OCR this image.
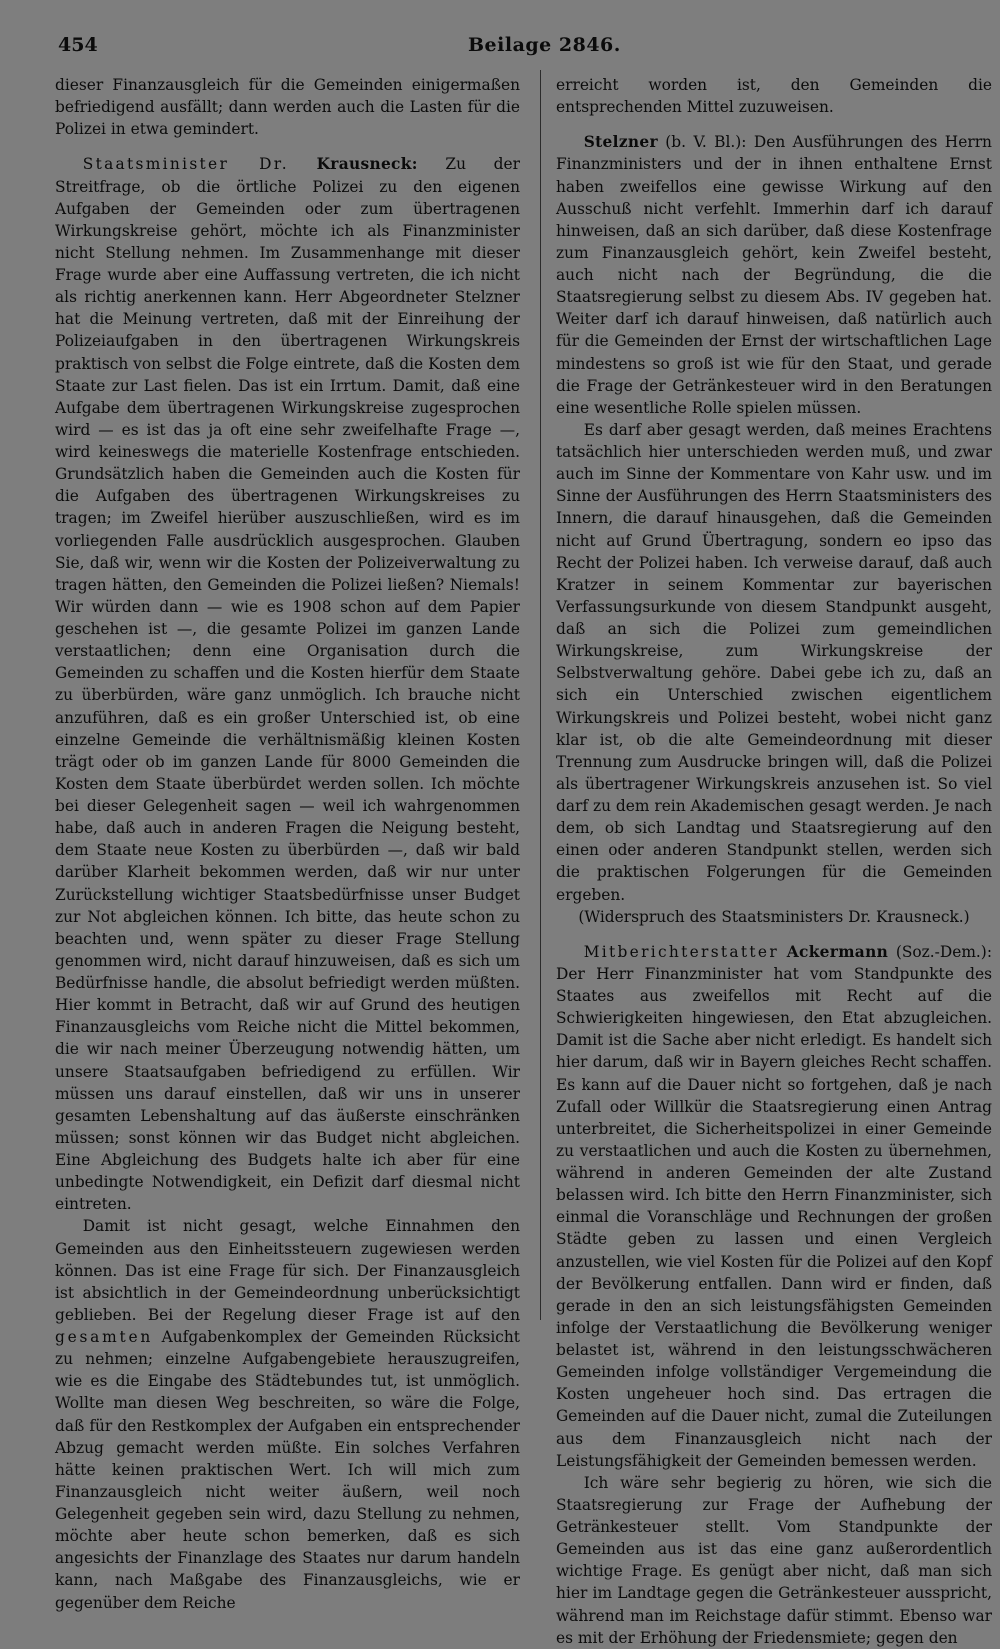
454	Beilage 2846.

dieser Finanzausgleich für die Gemeinden einigermaßen befriedigend ausfällt; dann werden auch die Lasten für die Polizei in etwa gemindert.

Staatsminister Dr. Krausneck: Zu der Streitfrage, ob die örtliche Polizei zu den eigenen Aufgaben der Gemeinden oder zum übertragenen Wirkungskreise gehört, möchte ich als Finanzminister nicht Stellung nehmen. Im Zusammenhange mit dieser Frage wurde aber eine Auffassung vertreten, die ich nicht als richtig anerkennen kann. Herr Abgeordneter Stelzner hat die Meinung vertreten, daß mit der Einreihung der Polizeiaufgaben in den übertragenen Wirkungskreis praktisch von selbst die Folge eintrete, daß die Kosten dem Staate zur Last fielen. Das ist ein Irrtum. Damit, daß eine Aufgabe dem übertragenen Wirkungskreise zugesprochen wird — es ist das ja oft eine sehr zweifelhafte Frage —, wird keineswegs die materielle Kostenfrage entschieden. Grundsätzlich haben die Gemeinden auch die Kosten für die Aufgaben des übertragenen Wirkungskreises zu tragen; im Zweifel hierüber auszuschließen, wird es im vorliegenden Falle ausdrücklich ausgesprochen. Glauben Sie, daß wir, wenn wir die Kosten der Polizeiverwaltung zu tragen hätten, den Gemeinden die Polizei ließen? Niemals! Wir würden dann — wie es 1908 schon auf dem Papier geschehen ist —, die gesamte Polizei im ganzen Lande verstaatlichen; denn eine Organisation durch die Gemeinden zu schaffen und die Kosten hierfür dem Staate zu überbürden, wäre ganz unmöglich. Ich brauche nicht anzuführen, daß es ein großer Unterschied ist, ob eine einzelne Gemeinde die verhältnismäßig kleinen Kosten trägt oder ob im ganzen Lande für 8000 Gemeinden die Kosten dem Staate überbürdet werden sollen. Ich möchte bei dieser Gelegenheit sagen — weil ich wahrgenommen habe, daß auch in anderen Fragen die Neigung besteht, dem Staate neue Kosten zu überbürden —, daß wir bald darüber Klarheit bekommen werden, daß wir nur unter Zurückstellung wichtiger Staatsbedürfnisse unser Budget zur Not abgleichen können. Ich bitte, das heute schon zu beachten und, wenn später zu dieser Frage Stellung genommen wird, nicht darauf hinzuweisen, daß es sich um Bedürfnisse handle, die absolut befriedigt werden müßten. Hier kommt in Betracht, daß wir auf Grund des heutigen Finanzausgleichs vom Reiche nicht die Mittel bekommen, die wir nach meiner Überzeugung notwendig hätten, um unsere Staatsaufgaben befriedigend zu erfüllen. Wir müssen uns darauf einstellen, daß wir uns in unserer gesamten Lebenshaltung auf das äußerste einschränken müssen; sonst können wir das Budget nicht abgleichen. Eine Abgleichung des Budgets halte ich aber für eine unbedingte Notwendigkeit, ein Defizit darf diesmal nicht eintreten.

Damit ist nicht gesagt, welche Einnahmen den Gemeinden aus den Einheitssteuern zugewiesen werden können. Das ist eine Frage für sich. Der Finanzausgleich ist absichtlich in der Gemeindeordnung unberücksichtigt geblieben. Bei der Regelung dieser Frage ist auf den gesamten Aufgabenkomplex der Gemeinden Rücksicht zu nehmen; einzelne Aufgabengebiete herauszugreifen, wie es die Eingabe des Städtebundes tut, ist unmöglich. Wollte man diesen Weg beschreiten, so wäre die Folge, daß für den Restkomplex der Aufgaben ein entsprechender Abzug gemacht werden müßte. Ein solches Verfahren hätte keinen praktischen Wert. Ich will mich zum Finanzausgleich nicht weiter äußern, weil noch Gelegenheit gegeben sein wird, dazu Stellung zu nehmen, möchte aber heute schon bemerken, daß es sich angesichts der Finanzlage des Staates nur darum handeln kann, nach Maßgabe des Finanzausgleichs, wie er gegenüber dem Reiche

erreicht worden ist, den Gemeinden die entsprechenden Mittel zuzuweisen.

Stelzner (b. V. Bl.): Den Ausführungen des Herrn Finanzministers und der in ihnen enthaltene Ernst haben zweifellos eine gewisse Wirkung auf den Ausschuß nicht verfehlt. Immerhin darf ich darauf hinweisen, daß an sich darüber, daß diese Kostenfrage zum Finanzausgleich gehört, kein Zweifel besteht, auch nicht nach der Begründung, die die Staatsregierung selbst zu diesem Abs. IV gegeben hat. Weiter darf ich darauf hinweisen, daß natürlich auch für die Gemeinden der Ernst der wirtschaftlichen Lage mindestens so groß ist wie für den Staat, und gerade die Frage der Getränkesteuer wird in den Beratungen eine wesentliche Rolle spielen müssen.

Es darf aber gesagt werden, daß meines Erachtens tatsächlich hier unterschieden werden muß, und zwar auch im Sinne der Kommentare von Kahr usw. und im Sinne der Ausführungen des Herrn Staatsministers des Innern, die darauf hinausgehen, daß die Gemeinden nicht auf Grund Übertragung, sondern eo ipso das Recht der Polizei haben. Ich verweise darauf, daß auch Kratzer in seinem Kommentar zur bayerischen Verfassungsurkunde von diesem Standpunkt ausgeht, daß an sich die Polizei zum gemeindlichen Wirkungskreise, zum Wirkungskreise der Selbstverwaltung gehöre. Dabei gebe ich zu, daß an sich ein Unterschied zwischen eigentlichem Wirkungskreis und Polizei besteht, wobei nicht ganz klar ist, ob die alte Gemeindeordnung mit dieser Trennung zum Ausdrucke bringen will, daß die Polizei als übertragener Wirkungskreis anzusehen ist. So viel darf zu dem rein Akademischen gesagt werden. Je nach dem, ob sich Landtag und Staatsregierung auf den einen oder anderen Standpunkt stellen, werden sich die praktischen Folgerungen für die Gemeinden ergeben.

(Widerspruch des Staatsministers Dr. Krausneck.)

Mitberichterstatter Ackermann (Soz.-Dem.): Der Herr Finanzminister hat vom Standpunkte des Staates aus zweifellos mit Recht auf die Schwierigkeiten hingewiesen, den Etat abzugleichen. Damit ist die Sache aber nicht erledigt. Es handelt sich hier darum, daß wir in Bayern gleiches Recht schaffen. Es kann auf die Dauer nicht so fortgehen, daß je nach Zufall oder Willkür die Staatsregierung einen Antrag unterbreitet, die Sicherheitspolizei in einer Gemeinde zu verstaatlichen und auch die Kosten zu übernehmen, während in anderen Gemeinden der alte Zustand belassen wird. Ich bitte den Herrn Finanzminister, sich einmal die Voranschläge und Rechnungen der großen Städte geben zu lassen und einen Vergleich anzustellen, wie viel Kosten für die Polizei auf den Kopf der Bevölkerung entfallen. Dann wird er finden, daß gerade in den an sich leistungsfähigsten Gemeinden infolge der Verstaatlichung die Bevölkerung weniger belastet ist, während in den leistungsschwächeren Gemeinden infolge vollständiger Vergemeindung die Kosten ungeheuer hoch sind. Das ertragen die Gemeinden auf die Dauer nicht, zumal die Zuteilungen aus dem Finanzausgleich nicht nach der Leistungsfähigkeit der Gemeinden bemessen werden.

Ich wäre sehr begierig zu hören, wie sich die Staatsregierung zur Frage der Aufhebung der Getränkesteuer stellt. Vom Standpunkte der Gemeinden aus ist das eine ganz außerordentlich wichtige Frage. Es genügt aber nicht, daß man sich hier im Landtage gegen die Getränkesteuer ausspricht, während man im Reichstage dafür stimmt. Ebenso war es mit der Erhöhung der Friedensmiete; gegen den
